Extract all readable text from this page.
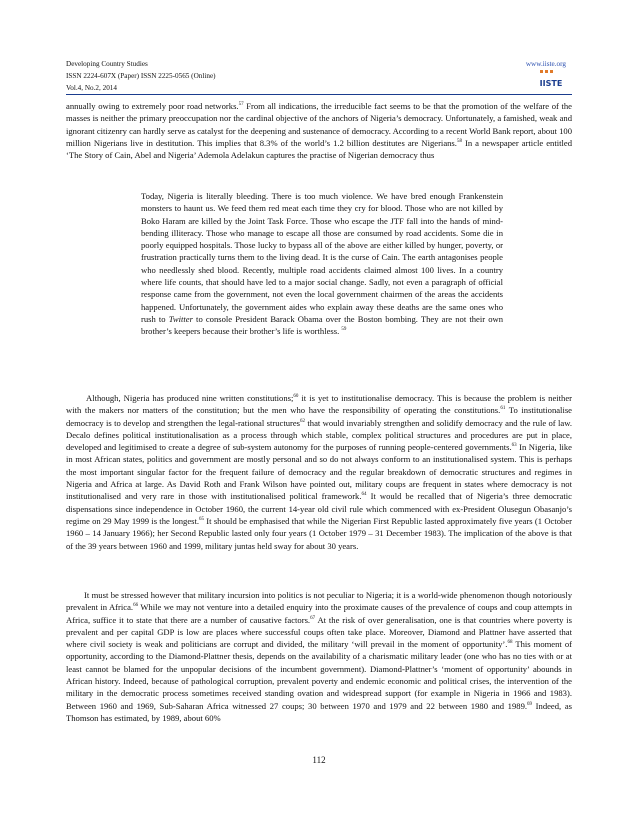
Developing Country Studies
ISSN 2224-607X (Paper) ISSN 2225-0565 (Online)
Vol.4, No.2, 2014
www.iiste.org
IISTE

annually owing to extremely poor road networks.$^{57}$ From all indications, the irreducible fact seems to be that the promotion of the welfare of the masses is neither the primary preoccupation nor the cardinal objective of the anchors of Nigeria’s democracy. Unfortunately, a famished, weak and ignorant citizenry can hardly serve as catalyst for the deepening and sustenance of democracy. According to a recent World Bank report, about 100 million Nigerians live in destitution. This implies that 8.3% of the world’s 1.2 billion destitutes are Nigerians.$^{58}$ In a newspaper article entitled ‘The Story of Cain, Abel and Nigeria’ Ademola Adelakun captures the practise of Nigerian democracy thus

Today, Nigeria is literally bleeding. There is too much violence. We have bred enough Frankenstein monsters to haunt us. We feed them red meat each time they cry for blood. Those who are not killed by Boko Haram are killed by the Joint Task Force. Those who escape the JTF fall into the hands of mind-bending illiteracy. Those who manage to escape all those are consumed by road accidents. Some die in poorly equipped hospitals. Those lucky to bypass all of the above are either killed by hunger, poverty, or frustration practically turns them to the living dead. It is the curse of Cain. The earth antagonises people who needlessly shed blood. Recently, multiple road accidents claimed almost 100 lives. In a country where life counts, that should have led to a major social change. Sadly, not even a paragraph of official response came from the government, not even the local government chairmen of the areas the accidents happened. Unfortunately, the government aides who explain away these deaths are the same ones who rush to Twitter to console President Barack Obama over the Boston bombing. They are not their own brother’s keepers because their brother’s life is worthless. $^{59}$

Although, Nigeria has produced nine written constitutions;$^{60}$ it is yet to institutionalise democracy. This is because the problem is neither with the makers nor matters of the constitution; but the men who have the responsibility of operating the constitutions.$^{61}$ To institutionalise democracy is to develop and strengthen the legal-rational structures$^{62}$ that would invariably strengthen and solidify democracy and the rule of law. Decalo defines political institutionalisation as a process through which stable, complex political structures and procedures are put in place, developed and legitimised to create a degree of sub-system autonomy for the purposes of running people-centered governments.$^{63}$ In Nigeria, like in most African states, politics and government are mostly personal and so do not always conform to an institutionalised system. This is perhaps the most important singular factor for the frequent failure of democracy and the regular breakdown of democratic structures and regimes in Nigeria and Africa at large. As David Roth and Frank Wilson have pointed out, military coups are frequent in states where democracy is not institutionalised and very rare in those with institutionalised political framework.$^{64}$ It would be recalled that of Nigeria’s three democratic dispensations since independence in October 1960, the current 14-year old civil rule which commenced with ex-President Olusegun Obasanjo’s regime on 29 May 1999 is the longest.$^{65}$ It should be emphasised that while the Nigerian First Republic lasted approximately five years (1 October 1960 – 14 January 1966); her Second Republic lasted only four years (1 October 1979 – 31 December 1983). The implication of the above is that of the 39 years between 1960 and 1999, military juntas held sway for about 30 years.

It must be stressed however that military incursion into politics is not peculiar to Nigeria; it is a world-wide phenomenon though notoriously prevalent in Africa.$^{66}$ While we may not venture into a detailed enquiry into the proximate causes of the prevalence of coups and coup attempts in Africa, suffice it to state that there are a number of causative factors.$^{67}$ At the risk of over generalisation, one is that countries where poverty is prevalent and per capital GDP is low are places where successful coups often take place. Moreover, Diamond and Plattner have asserted that where civil society is weak and politicians are corrupt and divided, the military ‘will prevail in the moment of opportunity’.$^{68}$ This moment of opportunity, according to the Diamond-Plattner thesis, depends on the availability of a charismatic military leader (one who has no ties with or at least cannot be blamed for the unpopular decisions of the incumbent government). Diamond-Plattner’s ‘moment of opportunity’ abounds in African history. Indeed, because of pathological corruption, prevalent poverty and endemic economic and political crises, the intervention of the military in the democratic process sometimes received standing ovation and widespread support (for example in Nigeria in 1966 and 1983). Between 1960 and 1969, Sub-Saharan Africa witnessed 27 coups; 30 between 1970 and 1979 and 22 between 1980 and 1989.69 Indeed, as Thomson has estimated, by 1989, about 60%

112
